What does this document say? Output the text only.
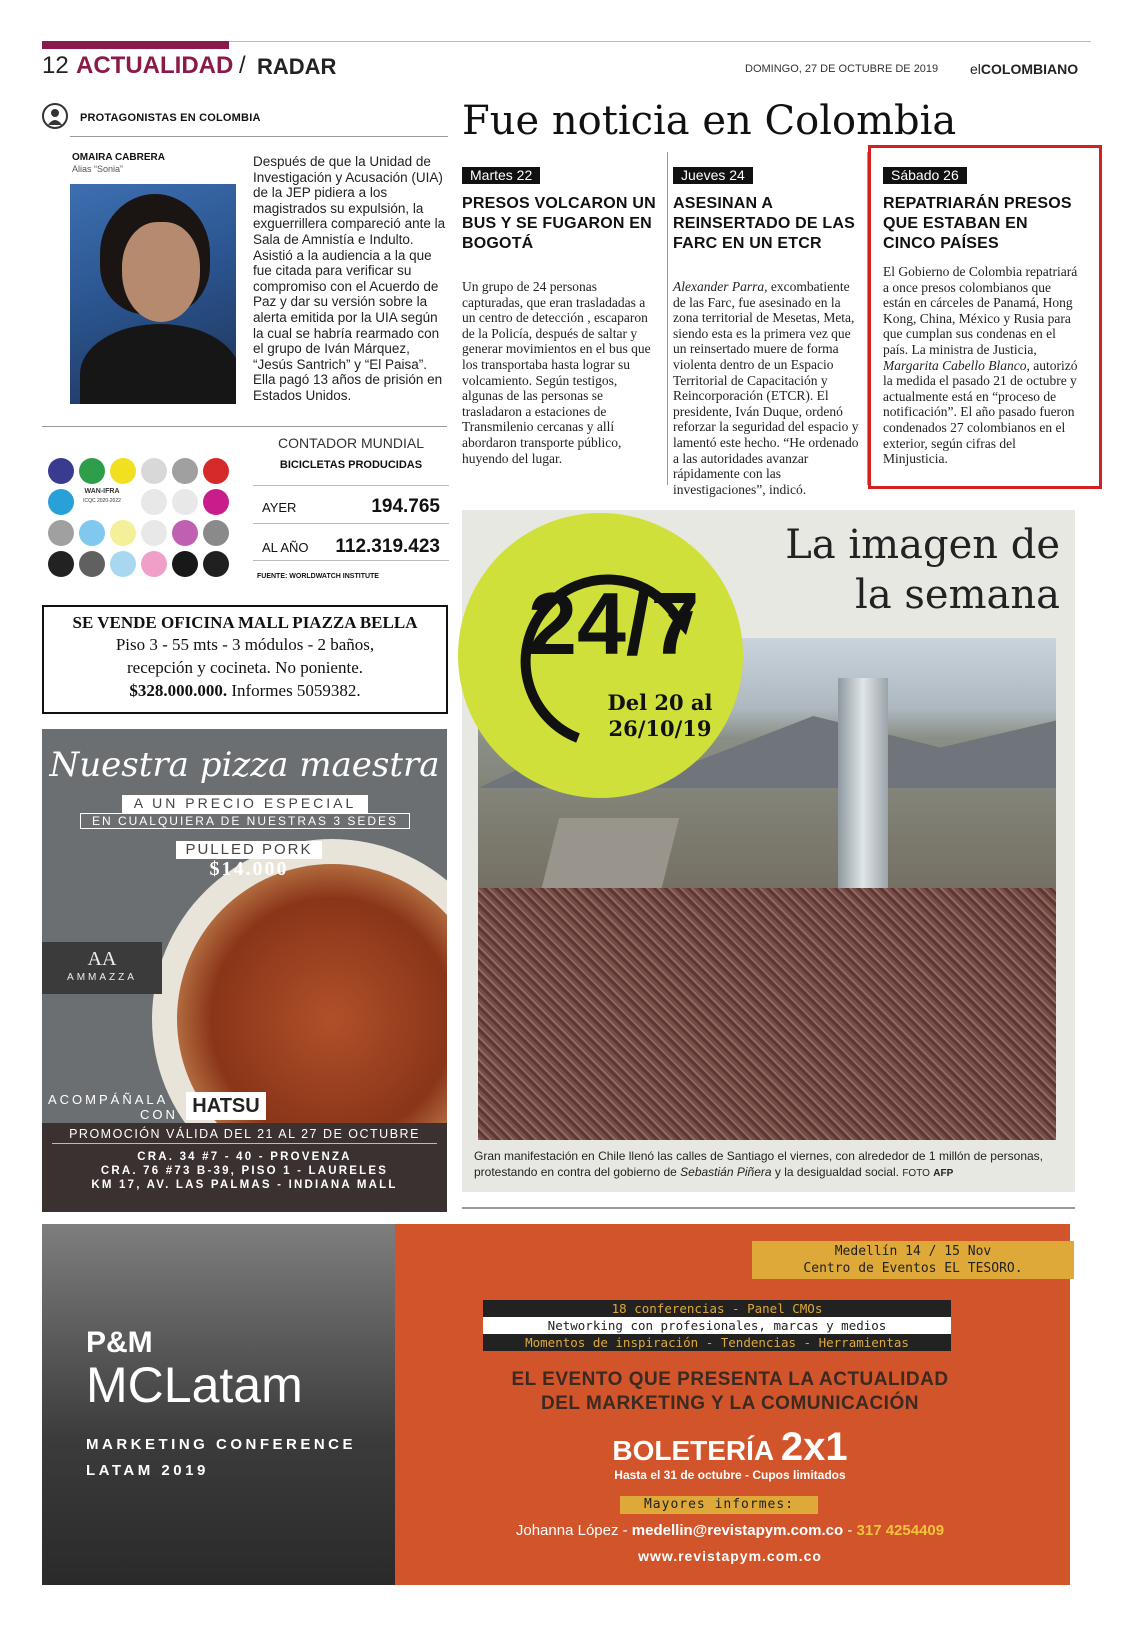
12 ACTUALIDAD / RADAR	DOMINGO, 27 DE OCTUBRE DE 2019 elCOLOMBIANO
PROTAGONISTAS EN COLOMBIA
OMAIRA CABRERA
Alias “Sonia”	Después de que la Unidad de Investigación y Acusación (UIA) de la JEP pidiera a los magistrados su expulsión, la exguerrillera compareció ante la Sala de Amnistía e Indulto. Asistió a la audiencia a la que fue citada para verificar su compromiso con el Acuerdo de Paz y dar su versión sobre la alerta emitida por la UIA según la cual se habría rearmado con el grupo de Iván Márquez, “Jesús Santrich” y “El Paisa”. Ella pagó 13 años de prisión en Estados Unidos.
WAN-IFRA
ICQC 2020-2022
CONTADOR MUNDIAL
BICICLETAS PRODUCIDAS
AYER	194.765
AL AÑO	112.319.423
FUENTE: WORLDWATCH INSTITUTE
SE VENDE OFICINA MALL PIAZZA BELLA
Piso 3 - 55 mts - 3 módulos - 2 baños,
recepción y cocineta. No poniente.
$328.000.000. Informes 5059382.
Nuestra pizza maestra
A UN PRECIO ESPECIAL
EN CUALQUIERA DE NUESTRAS 3 SEDES
PULLED PORK
$14.000
AA
AMMAZZA
ACOMPÁÑALA
CON HATSU
PROMOCIÓN VÁLIDA DEL 21 AL 27 DE OCTUBRE
CRA. 34 #7 - 40 - PROVENZA
CRA. 76 #73 B-39, PISO 1 - LAURELES
KM 17, AV. LAS PALMAS - INDIANA MALL
Fue noticia en Colombia
Martes 22
PRESOS VOLCARON UN BUS Y SE FUGARON EN BOGOTÁ
Un grupo de 24 personas capturadas, que eran trasladadas a un centro de detección , escaparon de la Policía, después de saltar y generar movimientos en el bus que los transportaba hasta lograr su volcamiento. Según testigos, algunas de las personas se trasladaron a estaciones de Transmilenio cercanas y allí abordaron transporte público, huyendo del lugar.
Jueves 24
ASESINAN A REINSERTADO DE LAS FARC EN UN ETCR
Alexander Parra, excombatiente de las Farc, fue asesinado en la zona territorial de Mesetas, Meta, siendo esta es la primera vez que un reinsertado muere de forma violenta dentro de un Espacio Territorial de Capacitación y Reincorporación (ETCR). El presidente, Iván Duque, ordenó reforzar la seguridad del espacio y lamentó este hecho. “He ordenado a las autoridades avanzar rápidamente con las investigaciones”, indicó.
Sábado 26
REPATRIARÁN PRESOS QUE ESTABAN EN CINCO PAÍSES
El Gobierno de Colombia repatriará a once presos colombianos que están en cárceles de Panamá, Hong Kong, China, México y Rusia para que cumplan sus condenas en el país. La ministra de Justicia, Margarita Cabello Blanco, autorizó la medida el pasado 21 de octubre y actualmente está en “proceso de notificación”. El año pasado fueron condenados 27 colombianos en el exterior, según cifras del Minjusticia.
24/7
Del 20 al 26/10/19
La imagen de la semana
Gran manifestación en Chile llenó las calles de Santiago el viernes, con alrededor de 1 millón de personas, protestando en contra del gobierno de Sebastián Piñera y la desigualdad social. FOTO AFP
P&M
MCLatam
MARKETING CONFERENCE
LATAM 2019
Medellín 14 / 15 Nov
Centro de Eventos EL TESORO.
18 conferencias - Panel CMOs
Networking con profesionales, marcas y medios
Momentos de inspiración - Tendencias - Herramientas
EL EVENTO QUE PRESENTA LA ACTUALIDAD
DEL MARKETING Y LA COMUNICACIÓN
BOLETERÍA 2x1
Hasta el 31 de octubre - Cupos limitados
Mayores informes:
Johanna López - medellin@revistapym.com.co - 317 4254409
www.revistapym.com.co
